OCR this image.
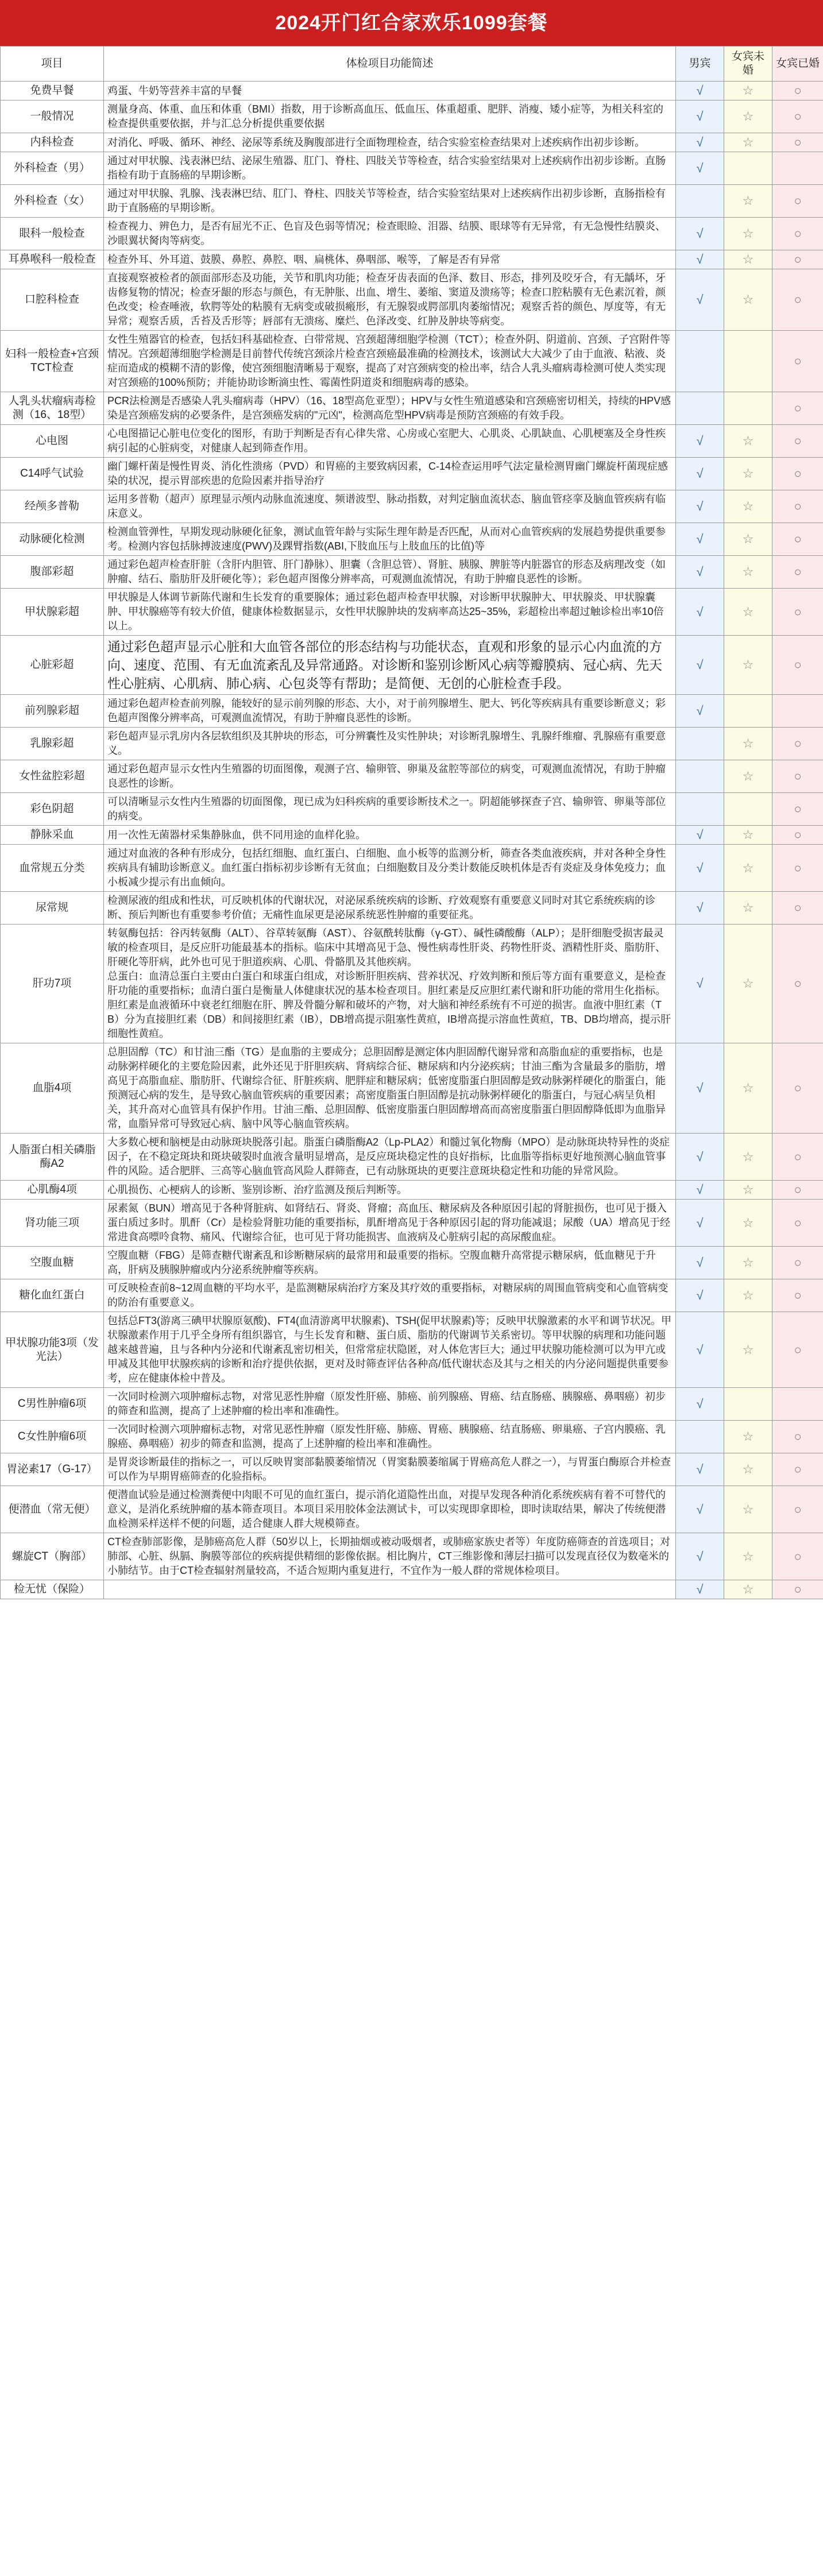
2024开门红合家欢乐1099套餐
项目	体检项目功能简述	男宾	女宾未婚	女宾已婚
免费早餐	鸡蛋、牛奶等营养丰富的早餐	√	☆	○
一般情况	测量身高、体重、血压和体重（BMI）指数，用于诊断高血压、低血压、体重超重、肥胖、消瘦、矮小症等，为相关科室的检查提供重要依据，并与汇总分析提供重要依据	√	☆	○
内科检查	对消化、呼吸、循环、神经、泌尿等系统及胸腹部进行全面物理检查，结合实验室检查结果对上述疾病作出初步诊断。	√	☆	○
外科检查（男）	通过对甲状腺、浅表淋巴结、泌尿生殖器、肛门、脊柱、四肢关节等检查，结合实验室结果对上述疾病作出初步诊断。直肠指检有助于直肠癌的早期诊断。	√		
外科检查（女）	通过对甲状腺、乳腺、浅表淋巴结、肛门、脊柱、四肢关节等检查，结合实验室结果对上述疾病作出初步诊断，直肠指检有助于直肠癌的早期诊断。		☆	○
眼科一般检查	检查视力、辨色力，是否有屈光不正、色盲及色弱等情况；检查眼睑、泪器、结膜、眼球等有无异常，有无急慢性结膜炎、沙眼翼状胬肉等病变。	√	☆	○
耳鼻喉科一般检查	检查外耳、外耳道、鼓膜、鼻腔、鼻腔、咽、扁桃体、鼻咽部、喉等，了解是否有异常	√	☆	○
口腔科检查	直接观察被检者的颌面部形态及功能，关节和肌肉功能；检查牙齿表面的色泽、数目、形态，排列及咬牙合，有无龋坏，牙齿修复物的情况；检查牙龈的形态与颜色，有无肿胀、出血、增生、萎缩、窦道及溃疡等；检查口腔粘膜有无色素沉着，颜色改变；检查唾液，软腭等处的粘膜有无病变或破损瘢形，有无腺裂或腭部肌肉萎缩情况；观察舌苔的颜色、厚度等，有无异常；观察舌质，舌苔及舌形等；唇部有无溃疡、糜烂、色泽改变、红肿及肿块等病变。	√	☆	○
妇科一般检查+宫颈TCT检查	女性生殖器官的检查，包括妇科基础检查、白带常规、宫颈超薄细胞学检测（TCT）；检查外阴、阴道前、宫颈、子宫附件等情况。宫颈超薄细胞学检测是目前替代传统宫颈涂片检查宫颈癌最准确的检测技术，该测试大大减少了由于血液、粘液、炎症而造成的模糊不清的影像，使宫颈细胞清晰易于观察，提高了对宫颈病变的检出率，结合人乳头瘤病毒检测可使人类实现对宫颈癌的100%预防；并能协助诊断滴虫性、霉菌性阴道炎和细胞病毒的感染。			○
人乳头状瘤病毒检测（16、18型）	PCR法检测是否感染人乳头瘤病毒（HPV）（16、18型高危亚型）；HPV与女性生殖道感染和宫颈癌密切相关，持续的HPV感染是宫颈癌发病的必要条件，是宫颈癌发病的"元凶"，检测高危型HPV病毒是预防宫颈癌的有效手段。			○
心电图	心电图描记心脏电位变化的图形，有助于判断是否有心律失常、心房或心室肥大、心肌炎、心肌缺血、心肌梗塞及全身性疾病引起的心脏病变，对健康人起到筛查作用。	√	☆	○
C14呼气试验	幽门螺杆菌是慢性胃炎、消化性溃疡（PVD）和胃癌的主要致病因素，C-14检查运用呼气法定量检测胃幽门螺旋杆菌现症感染的状况，提示胃部疾患的危险因素并指导治疗	√	☆	○
经颅多普勒	运用多普勒（超声）原理显示颅内动脉血流速度、频谱波型、脉动指数，对判定脑血流状态、脑血管痉挛及脑血管疾病有临床意义。	√	☆	○
动脉硬化检测	检测血管弹性，早期发现动脉硬化征象，测试血管年龄与实际生理年龄是否匹配，从而对心血管疾病的发展趋势提供重要参考。检测内容包括脉搏波速度(PWV)及踝臂指数(ABI,下肢血压与上肢血压的比值)等	√	☆	○
腹部彩超	通过彩色超声检查肝脏（含肝内胆管、肝门静脉）、胆囊（含胆总管）、肾脏、胰腺、脾脏等内脏器官的形态及病理改变（如肿瘤、结石、脂肪肝及肝硬化等）；彩色超声图像分辨率高，可观测血流情况，有助于肿瘤良恶性的诊断。	√	☆	○
甲状腺彩超	甲状腺是人体调节新陈代谢和生长发育的重要腺体；通过彩色超声检查甲状腺，对诊断甲状腺肿大、甲状腺炎、甲状腺囊肿、甲状腺癌等有较大价值，健康体检数据显示，女性甲状腺肿块的发病率高达25~35%，彩超检出率超过触诊检出率10倍以上。	√	☆	○
心脏彩超	通过彩色超声显示心脏和大血管各部位的形态结构与功能状态，直观和形象的显示心内血流的方向、速度、范围、有无血流紊乱及异常通路。对诊断和鉴别诊断风心病等瓣膜病、冠心病、先天性心脏病、心肌病、肺心病、心包炎等有帮助；是简便、无创的心脏检查手段。	√	☆	○
前列腺彩超	通过彩色超声检查前列腺，能较好的显示前列腺的形态、大小，对于前列腺增生、肥大、钙化等疾病具有重要诊断意义；彩色超声图像分辨率高，可观测血流情况，有助于肿瘤良恶性的诊断。	√		
乳腺彩超	彩色超声显示乳房内各层软组织及其肿块的形态，可分辨囊性及实性肿块；对诊断乳腺增生、乳腺纤维瘤、乳腺癌有重要意义。		☆	○
女性盆腔彩超	通过彩色超声显示女性内生殖器的切面图像，观测子宫、输卵管、卵巢及盆腔等部位的病变，可观测血流情况，有助于肿瘤良恶性的诊断。		☆	○
彩色阴超	可以清晰显示女性内生殖器的切面图像，现已成为妇科疾病的重要诊断技术之一。阴超能够探查子宫、输卵管、卵巢等部位的病变。			○
静脉采血	用一次性无菌器材采集静脉血，供不同用途的血样化验。	√	☆	○
血常规五分类	通过对血液的各种有形成分，包括红细胞、血红蛋白、白细胞、血小板等的监测分析，筛查各类血液疾病，并对各种全身性疾病具有辅助诊断意义。血红蛋白指标初步诊断有无贫血；白细胞数目及分类计数能反映机体是否有炎症及身体免疫力；血小板减少提示有出血倾向。	√	☆	○
尿常规	检测尿液的组成和性状，可反映机体的代谢状况，对泌尿系统疾病的诊断、疗效观察有重要意义同时对其它系统疾病的诊断、预后判断也有重要参考价值；无痛性血尿更是泌尿系统恶性肿瘤的重要征兆。	√	☆	○
肝功7项	转氨酶包括：谷丙转氨酶（ALT）、谷草转氨酶（AST）、谷氨酰转肽酶（γ-GT）、碱性磷酸酶（ALP）；是肝细胞受损害最灵敏的检查项目，是反应肝功能最基本的指标。临床中其增高见于急、慢性病毒性肝炎、药物性肝炎、酒精性肝炎、脂肪肝、肝硬化等肝病，此外也可见于胆道疾病、心肌、骨骼肌及其他疾病。
总蛋白：血清总蛋白主要由白蛋白和球蛋白组成，对诊断肝胆疾病、营养状况、疗效判断和预后等方面有重要意义，是检查肝功能的重要指标；血清白蛋白是衡量人体健康状况的基本检查项目。胆红素是反应胆红素代谢和肝功能的常用生化指标。胆红素是血液循环中衰老红细胞在肝、脾及骨髓分解和破坏的产物，对大脑和神经系统有不可逆的损害。血液中胆红素（TB）分为直接胆红素（DB）和间接胆红素（IB），DB增高提示阻塞性黄疸，IB增高提示溶血性黄疸，TB、DB均增高，提示肝细胞性黄疸。	√	☆	○
血脂4项	总胆固醇（TC）和甘油三酯（TG）是血脂的主要成分；总胆固醇是测定体内胆固醇代谢异常和高脂血症的重要指标，也是动脉粥样硬化的主要危险因素，此外还见于肝胆疾病、肾病综合征、糖尿病和内分泌疾病；甘油三酯为含量最多的脂肪，增高见于高脂血症、脂肪肝、代谢综合征、肝脏疾病、肥胖症和糖尿病；低密度脂蛋白胆固醇是致动脉粥样硬化的脂蛋白，能预测冠心病的发生，是导致心脑血管疾病的重要因素；高密度脂蛋白胆固醇是抗动脉粥样硬化的脂蛋白，与冠心病呈负相关，其升高对心血管具有保护作用。甘油三酯、总胆固醇、低密度脂蛋白胆固醇增高而高密度脂蛋白胆固醇降低即为血脂异常，血脂异常可导致冠心病、脑中风等心脑血管疾病。	√	☆	○
人脂蛋白相关磷脂酶A2	大多数心梗和脑梗是由动脉斑块脱落引起。脂蛋白磷脂酶A2（Lp-PLA2）和髓过氧化物酶（MPO）是动脉斑块特异性的炎症因子，在不稳定斑块和斑块破裂时血液含量明显增高，是反应斑块稳定性的良好指标，比血脂等指标更好地预测心脑血管事件的风险。适合肥胖、三高等心脑血管高风险人群筛查，已有动脉斑块的更要注意斑块稳定性和功能的异常风险。	√	☆	○
心肌酶4项	心肌损伤、心梗病人的诊断、鉴别诊断、治疗监测及预后判断等。	√	☆	○
肾功能三项	尿素氮（BUN）增高见于各种肾脏病、如肾结石、肾炎、肾瘤；高血压、糖尿病及各种原因引起的肾脏损伤，也可见于摄入蛋白质过多时。肌酐（Cr）是检验肾脏功能的重要指标，肌酐增高见于各种原因引起的肾功能减退；尿酸（UA）增高见于经常进食高嘌呤食物、痛风、代谢综合征，也可见于肾功能损害、血液病及心脏病引起的高尿酸血症。	√	☆	○
空腹血糖	空腹血糖（FBG）是筛查糖代谢紊乱和诊断糖尿病的最常用和最重要的指标。空腹血糖升高常提示糖尿病，低血糖见于升高，肝病及胰腺肿瘤或内分泌系统肿瘤等疾病。	√	☆	○
糖化血红蛋白	可反映检查前8~12周血糖的平均水平，是监测糖尿病治疗方案及其疗效的重要指标，对糖尿病的周围血管病变和心血管病变的防治有重要意义。	√	☆	○
甲状腺功能3项（发光法）	包括总FT3(游离三碘甲状腺原氨酸)、FT4(血清游离甲状腺素)、TSH(促甲状腺素)等；反映甲状腺激素的水平和调节状况。甲状腺激素作用于几乎全身所有组织器官，与生长发育和糖、蛋白质、脂肪的代谢调节关系密切。等甲状腺的病理和功能问题越来越普遍，且与各种内分泌和代谢紊乱密切相关，但常常症状隐匿，对人体危害巨大；通过甲状腺功能检测可以为甲亢或甲减及其他甲状腺疾病的诊断和治疗提供依据，更对及时筛查评估各种高/低代谢状态及其与之相关的内分泌问题提供重要参考，应在健康体检中普及。	√	☆	○
C男性肿瘤6项	一次同时检测六项肿瘤标志物，对常见恶性肿瘤（原发性肝癌、肺癌、前列腺癌、胃癌、结直肠癌、胰腺癌、鼻咽癌）初步的筛查和监测，提高了上述肿瘤的检出率和准确性。	√		
C女性肿瘤6项	一次同时检测六项肿瘤标志物，对常见恶性肿瘤（原发性肝癌、肺癌、胃癌、胰腺癌、结直肠癌、卵巢癌、子宫内膜癌、乳腺癌、鼻咽癌）初步的筛查和监测，提高了上述肿瘤的检出率和准确性。		☆	○
胃泌素17（G-17）	是胃炎诊断最佳的指标之一，可以反映胃窦部黏膜萎缩情况（胃窦黏膜萎缩属于胃癌高危人群之一），与胃蛋白酶原合并检查可以作为早期胃癌筛查的化验指标。	√	☆	○
便潜血（常无便）	便潜血试验是通过检测粪便中肉眼不可见的血红蛋白，提示消化道隐性出血，对提早发现各种消化系统疾病有着不可替代的意义，是消化系统肿瘤的基本筛查项目。本项目采用胶体金法测试卡，可以实现即拿即检，即时读取结果，解决了传统便潜血检测采样送样不便的问题，适合健康人群大规模筛查。	√	☆	○
螺旋CT（胸部）	CT检查肺部影像，是肺癌高危人群（50岁以上，长期抽烟或被动吸烟者，或肺癌家族史者等）年度防癌筛查的首选项目；对肺部、心脏、纵膈、胸膜等部位的疾病提供精细的影像依据。相比胸片，CT三维影像和薄层扫描可以发现直径仅为数毫米的小肺结节。由于CT检查辐射剂量较高，不适合短期内重复进行，不宜作为一般人群的常规体检项目。	√	☆	○
检无忧（保险）		√	☆	○
